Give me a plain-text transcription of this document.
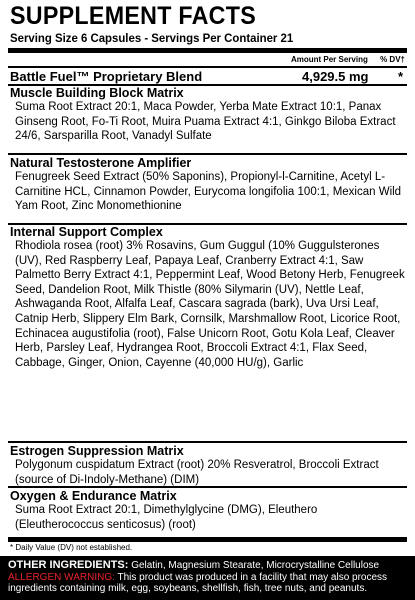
SUPPLEMENT FACTS
Serving Size 6 Capsules - Servings Per Container 21
Amount Per Serving % DV†
Battle Fuel™ Proprietary Blend	4,929.5 mg *
Muscle Building Block Matrix
Suma Root Extract 20:1, Maca Powder, Yerba Mate Extract 10:1, Panax Ginseng Root, Fo-Ti Root, Muira Puama Extract 4:1, Ginkgo Biloba Extract 24/6, Sarsparilla Root, Vanadyl Sulfate
Natural Testosterone Amplifier
Fenugreek Seed Extract (50% Saponins), Propionyl-l-Carnitine, Acetyl L-Carnitine HCL, Cinnamon Powder, Eurycoma longifolia 100:1, Mexican Wild Yam Root, Zinc Monomethionine
Internal Support Complex
Rhodiola rosea (root) 3% Rosavins, Gum Guggul (10% Guggulsterones (UV), Red Raspberry Leaf, Papaya Leaf, Cranberry Extract 4:1, Saw Palmetto Berry Extract 4:1, Peppermint Leaf, Wood Betony Herb, Fenugreek Seed, Dandelion Root, Milk Thistle (80% Silymarin (UV), Nettle Leaf, Ashwaganda Root, Alfalfa Leaf, Cascara sagrada (bark), Uva Ursi Leaf, Catnip Herb, Slippery Elm Bark, Cornsilk, Marshmallow Root, Licorice Root, Echinacea augustifolia (root), False Unicorn Root, Gotu Kola Leaf, Cleaver Herb, Parsley Leaf, Hydrangea Root, Broccoli Extract 4:1, Flax Seed, Cabbage, Ginger, Onion, Cayenne (40,000 HU/g), Garlic
Estrogen Suppression Matrix
Polygonum cuspidatum Extract (root) 20% Resveratrol, Broccoli Extract (source of Di-Indoly-Methane) (DIM)
Oxygen & Endurance Matrix
Suma Root Extract 20:1, Dimethylglycine (DMG), Eleuthero (Eleutherococcus senticosus) (root)
* Daily Value (DV) not established.
OTHER INGREDIENTS: Gelatin, Magnesium Stearate, Microcrystalline Cellulose
ALLERGEN WARNING: This product was produced in a facility that may also process ingredients containing milk, egg, soybeans, shellfish, fish, tree nuts, and peanuts.
